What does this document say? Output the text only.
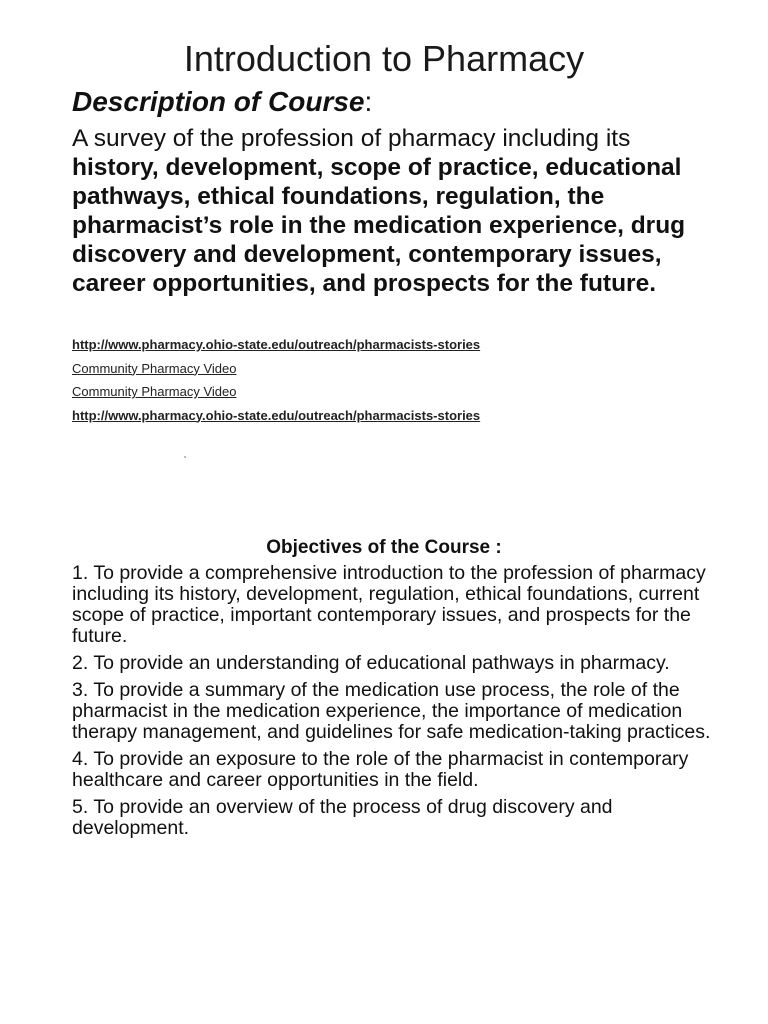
Introduction to Pharmacy
Description of Course:

A survey of the profession of pharmacy including its history, development, scope of practice, educational pathways, ethical foundations, regulation, the pharmacist’s role in the medication experience, drug discovery and development, contemporary issues, career opportunities, and prospects for the future.

http://www.pharmacy.ohio-state.edu/outreach/pharmacists-stories
Community Pharmacy Video
Community Pharmacy Video
http://www.pharmacy.ohio-state.edu/outreach/pharmacists-stories
Objectives of the Course :
1. To provide a comprehensive introduction to the profession of pharmacy including its history, development, regulation, ethical foundations, current scope of practice, important contemporary issues, and prospects for the future.
2. To provide an understanding of educational pathways in pharmacy.
3. To provide a summary of the medication use process, the role of the pharmacist in the medication experience, the importance of medication therapy management, and guidelines for safe medication-taking practices.
4. To provide an exposure to the role of the pharmacist in contemporary healthcare and career opportunities in the field.
5. To provide an overview of the process of drug discovery and development.
